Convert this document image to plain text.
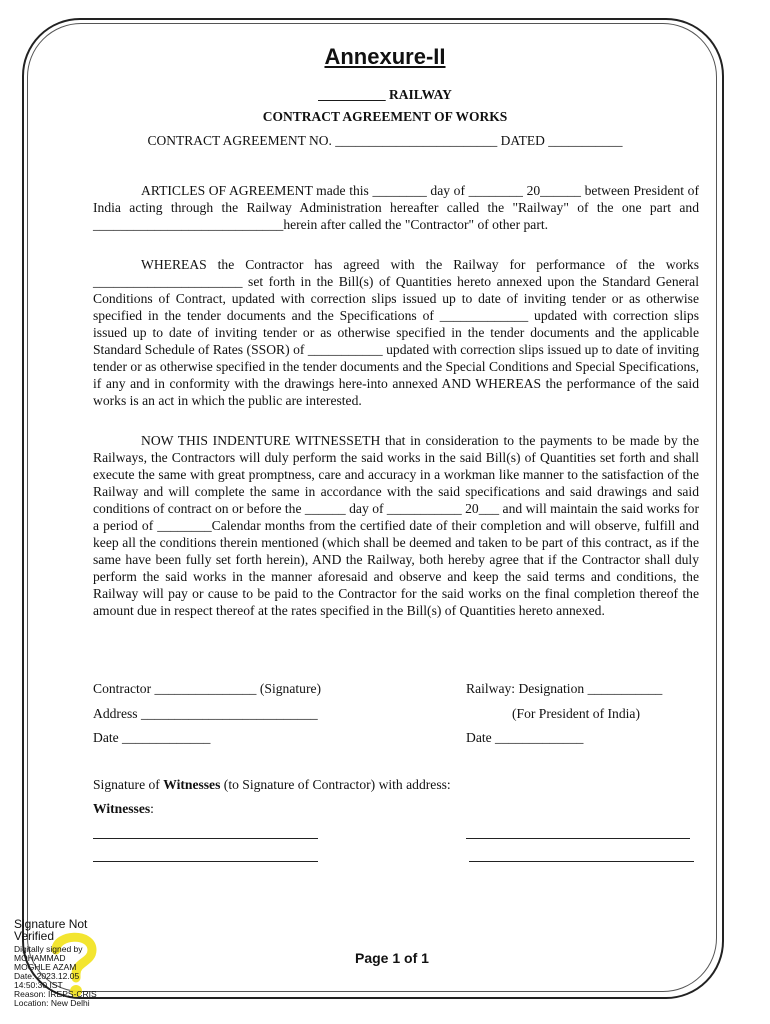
Annexure-II
__________ RAILWAY
CONTRACT AGREEMENT OF WORKS
CONTRACT AGREEMENT NO. ________________________ DATED ___________
ARTICLES OF AGREEMENT made this ________ day of ________ 20______ between President of India acting through the Railway Administration hereafter called the "Railway" of the one part and ____________________________herein after called the "Contractor" of other part.
WHEREAS the Contractor has agreed with the Railway for performance of the works ______________________ set forth in the Bill(s) of Quantities hereto annexed upon the Standard General Conditions of Contract, updated with correction slips issued up to date of inviting tender or as otherwise specified in the tender documents and the Specifications of _____________ updated with correction slips issued up to date of inviting tender or as otherwise specified in the tender documents and the applicable Standard Schedule of Rates (SSOR) of ___________ updated with correction slips issued up to date of inviting tender or as otherwise specified in the tender documents and the Special Conditions and Special Specifications, if any and in conformity with the drawings here-into annexed AND WHEREAS the performance of the said works is an act in which the public are interested.
NOW THIS INDENTURE WITNESSETH that in consideration to the payments to be made by the Railways, the Contractors will duly perform the said works in the said Bill(s) of Quantities set forth and shall execute the same with great promptness, care and accuracy in a workman like manner to the satisfaction of the Railway and will complete the same in accordance with the said specifications and said drawings and said conditions of contract on or before the ______ day of ___________ 20___ and will maintain the said works for a period of ________Calendar months from the certified date of their completion and will observe, fulfill and keep all the conditions therein mentioned (which shall be deemed and taken to be part of this contract, as if the same have been fully set forth herein), AND the Railway, both hereby agree that if the Contractor shall duly perform the said works in the manner aforesaid and observe and keep the said terms and conditions, the Railway will pay or cause to be paid to the Contractor for the said works on the final completion thereof the amount due in respect thereof at the rates specified in the Bill(s) of Quantities hereto annexed.
Contractor _______________ (Signature)	Railway: Designation ___________
Address __________________________	(For President of India)
Date _____________	Date _____________
Signature of Witnesses (to Signature of Contractor) with address:
Witnesses:
Page 1 of 1
Signature Not
Verified
Digitally signed by
MOHAMMAD
MOGHLE AZAM
Date: 2023.12.05
14:50:30 IST
Reason: IREPS-CRIS
Location: New Delhi
